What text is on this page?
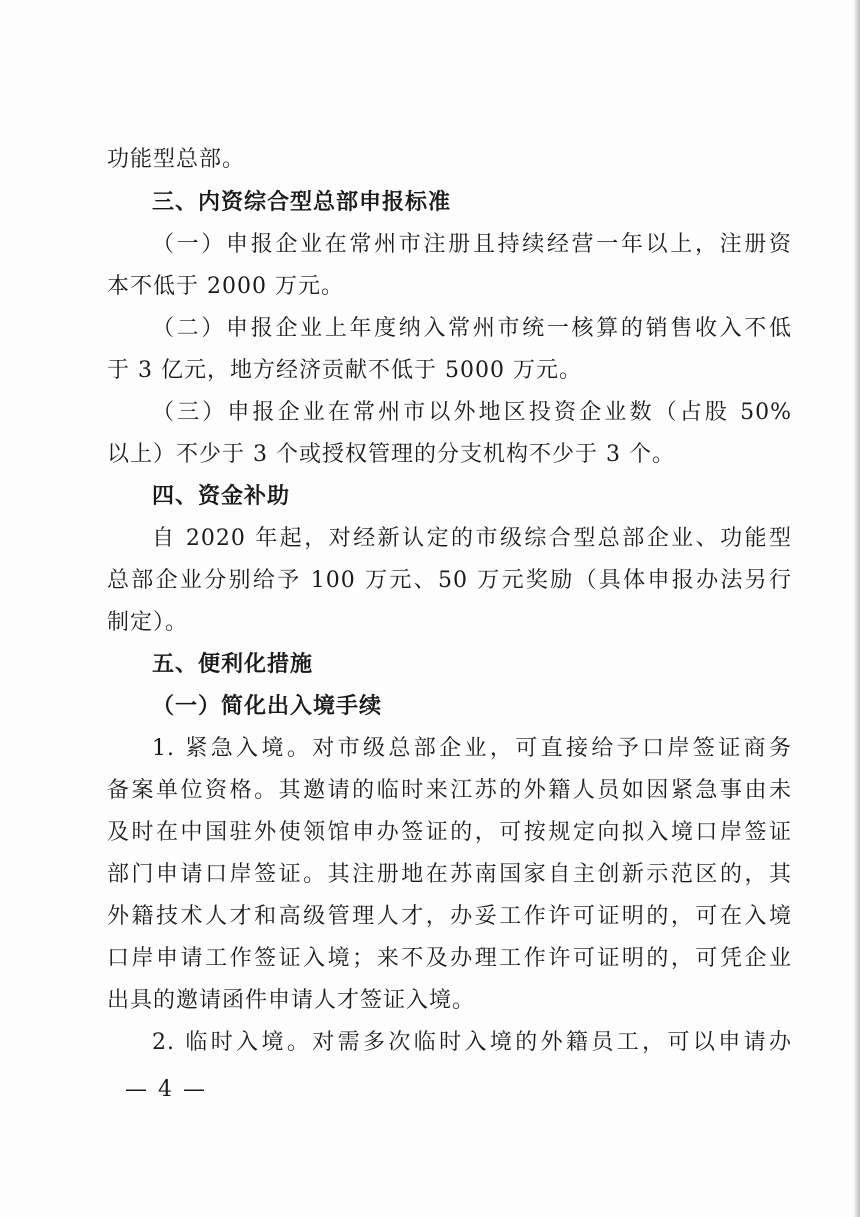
功能型总部。
三、内资综合型总部申报标准
（一）申报企业在常州市注册且持续经营一年以上，注册资
本不低于 2000 万元。
（二）申报企业上年度纳入常州市统一核算的销售收入不低
于 3 亿元，地方经济贡献不低于 5000 万元。
（三）申报企业在常州市以外地区投资企业数（占股 50%
以上）不少于 3 个或授权管理的分支机构不少于 3 个。
四、资金补助
自 2020 年起，对经新认定的市级综合型总部企业、功能型
总部企业分别给予 100 万元、50 万元奖励（具体申报办法另行
制定）。
五、便利化措施
（一）简化出入境手续
1. 紧急入境。对市级总部企业，可直接给予口岸签证商务
备案单位资格。其邀请的临时来江苏的外籍人员如因紧急事由未
及时在中国驻外使领馆申办签证的，可按规定向拟入境口岸签证
部门申请口岸签证。其注册地在苏南国家自主创新示范区的，其
外籍技术人才和高级管理人才，办妥工作许可证明的，可在入境
口岸申请工作签证入境；来不及办理工作许可证明的，可凭企业
出具的邀请函件申请人才签证入境。
2. 临时入境。对需多次临时入境的外籍员工，可以申请办
— 4 —
